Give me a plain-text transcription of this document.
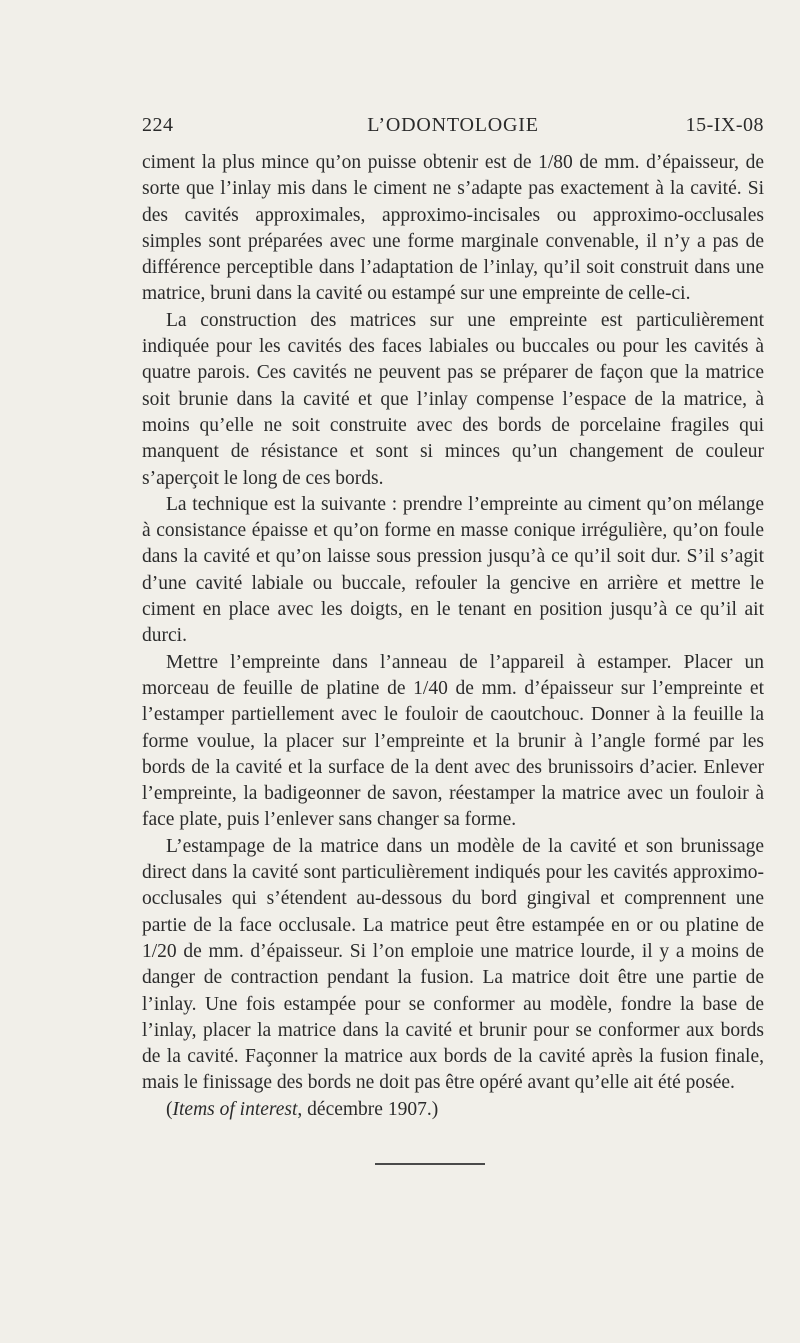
224	L’ODONTOLOGIE	15-IX-08

ciment la plus mince qu’on puisse obtenir est de 1/80 de mm. d’épaisseur, de sorte que l’inlay mis dans le ciment ne s’adapte pas exactement à la cavité. Si des cavités approximales, approximo-incisales ou approximo-occlusales simples sont préparées avec une forme marginale convenable, il n’y a pas de différence perceptible dans l’adaptation de l’inlay, qu’il soit construit dans une matrice, bruni dans la cavité ou estampé sur une empreinte de celle-ci.

La construction des matrices sur une empreinte est particulièrement indiquée pour les cavités des faces labiales ou buccales ou pour les cavités à quatre parois. Ces cavités ne peuvent pas se préparer de façon que la matrice soit brunie dans la cavité et que l’inlay compense l’espace de la matrice, à moins qu’elle ne soit construite avec des bords de porcelaine fragiles qui manquent de résistance et sont si minces qu’un changement de couleur s’aperçoit le long de ces bords.

La technique est la suivante : prendre l’empreinte au ciment qu’on mélange à consistance épaisse et qu’on forme en masse conique irrégulière, qu’on foule dans la cavité et qu’on laisse sous pression jusqu’à ce qu’il soit dur. S’il s’agit d’une cavité labiale ou buccale, refouler la gencive en arrière et mettre le ciment en place avec les doigts, en le tenant en position jusqu’à ce qu’il ait durci.

Mettre l’empreinte dans l’anneau de l’appareil à estamper. Placer un morceau de feuille de platine de 1/40 de mm. d’épaisseur sur l’empreinte et l’estamper partiellement avec le fouloir de caoutchouc. Donner à la feuille la forme voulue, la placer sur l’empreinte et la brunir à l’angle formé par les bords de la cavité et la surface de la dent avec des brunissoirs d’acier. Enlever l’empreinte, la badigeonner de savon, réestamper la matrice avec un fouloir à face plate, puis l’enlever sans changer sa forme.

L’estampage de la matrice dans un modèle de la cavité et son brunissage direct dans la cavité sont particulièrement indiqués pour les cavités approximo-occlusales qui s’étendent au-dessous du bord gingival et comprennent une partie de la face occlusale. La matrice peut être estampée en or ou platine de 1/20 de mm. d’épaisseur. Si l’on emploie une matrice lourde, il y a moins de danger de contraction pendant la fusion. La matrice doit être une partie de l’inlay. Une fois estampée pour se conformer au modèle, fondre la base de l’inlay, placer la matrice dans la cavité et brunir pour se conformer aux bords de la cavité. Façonner la matrice aux bords de la cavité après la fusion finale, mais le finissage des bords ne doit pas être opéré avant qu’elle ait été posée.

(Items of interest, décembre 1907.)
